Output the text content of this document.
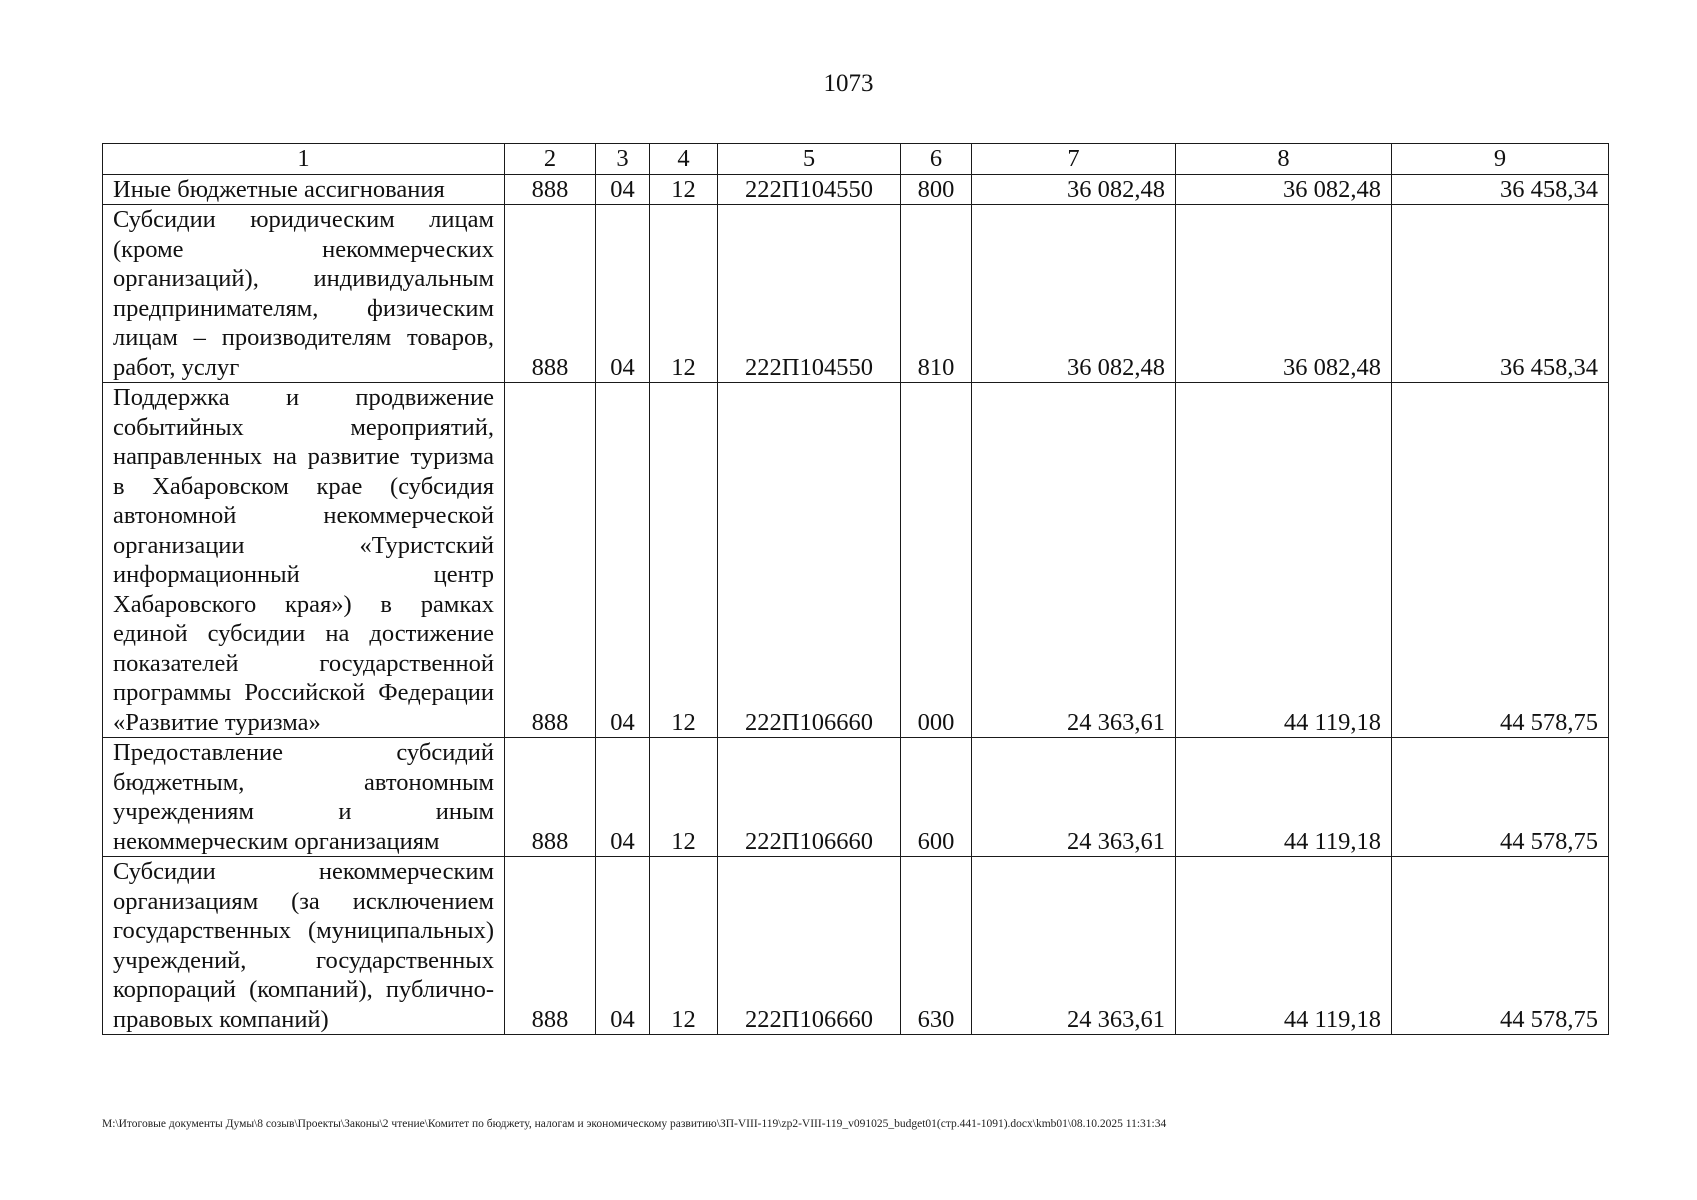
1073
1	2	3	4	5	6	7	8	9
Иные бюджетные ассигнования	888	04	12	222П104550	800	36 082,48	36 082,48	36 458,34
Субсидии юридическим лицам (кроме некоммерческих организаций), индивидуальным предпринимателям, физическим лицам – производителям товаров, работ, услуг	888	04	12	222П104550	810	36 082,48	36 082,48	36 458,34
Поддержка и продвижение событийных мероприятий, направленных на развитие туризма в Хабаровском крае (субсидия автономной некоммерческой организации «Туристский информационный центр Хабаровского края») в рамках единой субсидии на достижение показателей государственной программы Российской Федерации «Развитие туризма»	888	04	12	222П106660	000	24 363,61	44 119,18	44 578,75
Предоставление субсидий бюджетным, автономным учреждениям и иным некоммерческим организациям	888	04	12	222П106660	600	24 363,61	44 119,18	44 578,75
Субсидии некоммерческим организациям (за исключением государственных (муниципальных) учреждений, государственных корпораций (компаний), публично-правовых компаний)	888	04	12	222П106660	630	24 363,61	44 119,18	44 578,75
M:\Итоговые документы Думы\8 созыв\Проекты\Законы\2 чтение\Комитет по бюджету, налогам и экономическому развитию\ЗП-VIII-119\zp2-VIII-119_v091025_budget01(стр.441-1091).docx\kmb01\08.10.2025 11:31:34
